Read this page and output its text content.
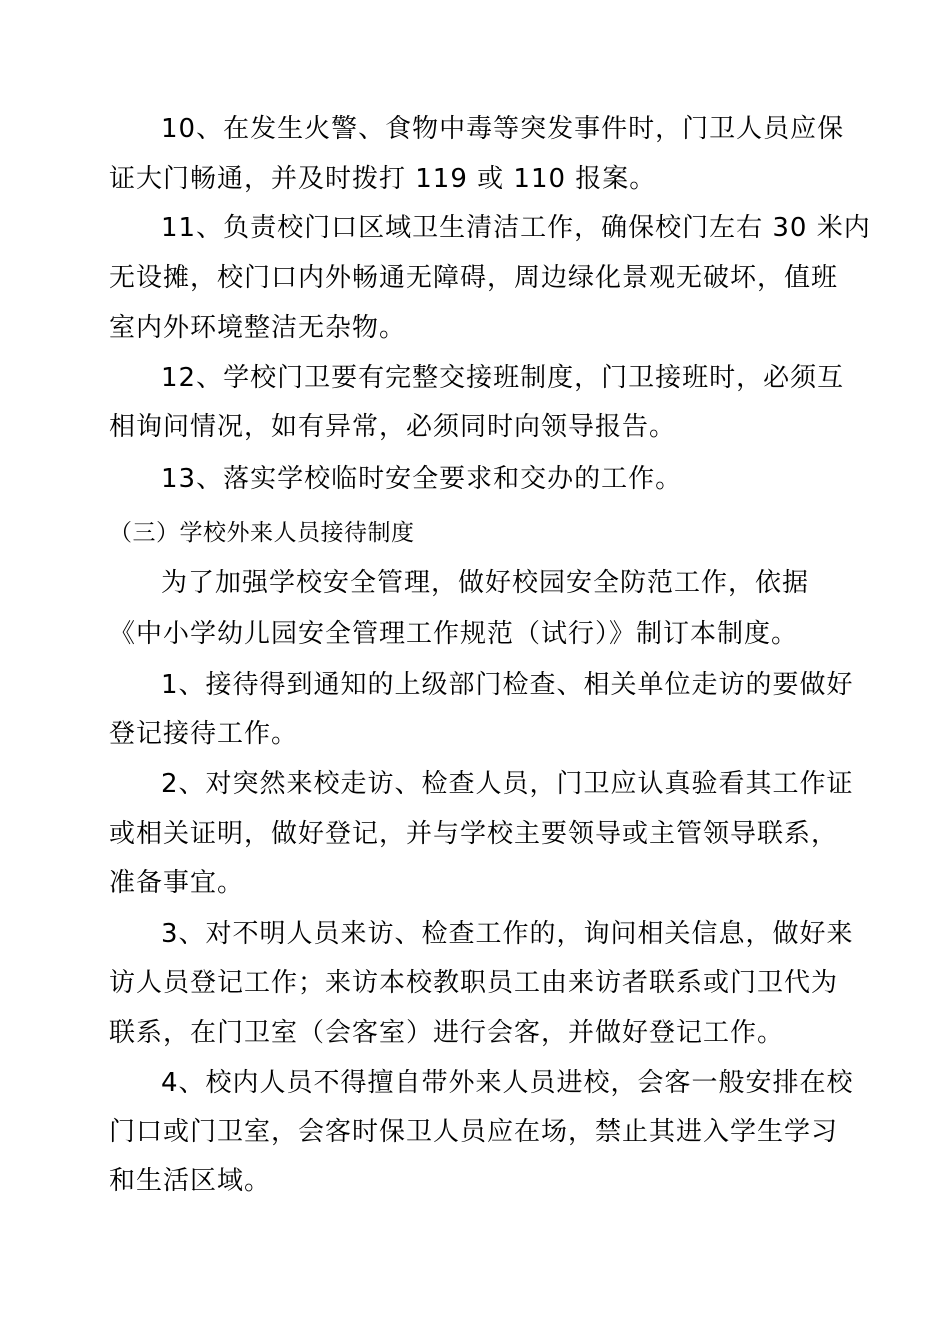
10、在发生火警、食物中毒等突发事件时，门卫人员应保
证大门畅通，并及时拨打 119 或 110 报案。
11、负责校门口区域卫生清洁工作，确保校门左右 30 米内
无设摊，校门口内外畅通无障碍，周边绿化景观无破坏，值班
室内外环境整洁无杂物。
12、学校门卫要有完整交接班制度，门卫接班时，必须互
相询问情况，如有异常，必须同时向领导报告。
13、落实学校临时安全要求和交办的工作。
（三）学校外来人员接待制度
为了加强学校安全管理，做好校园安全防范工作，依据
《中小学幼儿园安全管理工作规范（试行）》制订本制度。
1、接待得到通知的上级部门检查、相关单位走访的要做好
登记接待工作。
2、对突然来校走访、检查人员，门卫应认真验看其工作证
或相关证明，做好登记，并与学校主要领导或主管领导联系，
准备事宜。
3、对不明人员来访、检查工作的，询问相关信息，做好来
访人员登记工作；来访本校教职员工由来访者联系或门卫代为
联系，在门卫室（会客室）进行会客，并做好登记工作。
4、校内人员不得擅自带外来人员进校，会客一般安排在校
门口或门卫室，会客时保卫人员应在场，禁止其进入学生学习
和生活区域。
